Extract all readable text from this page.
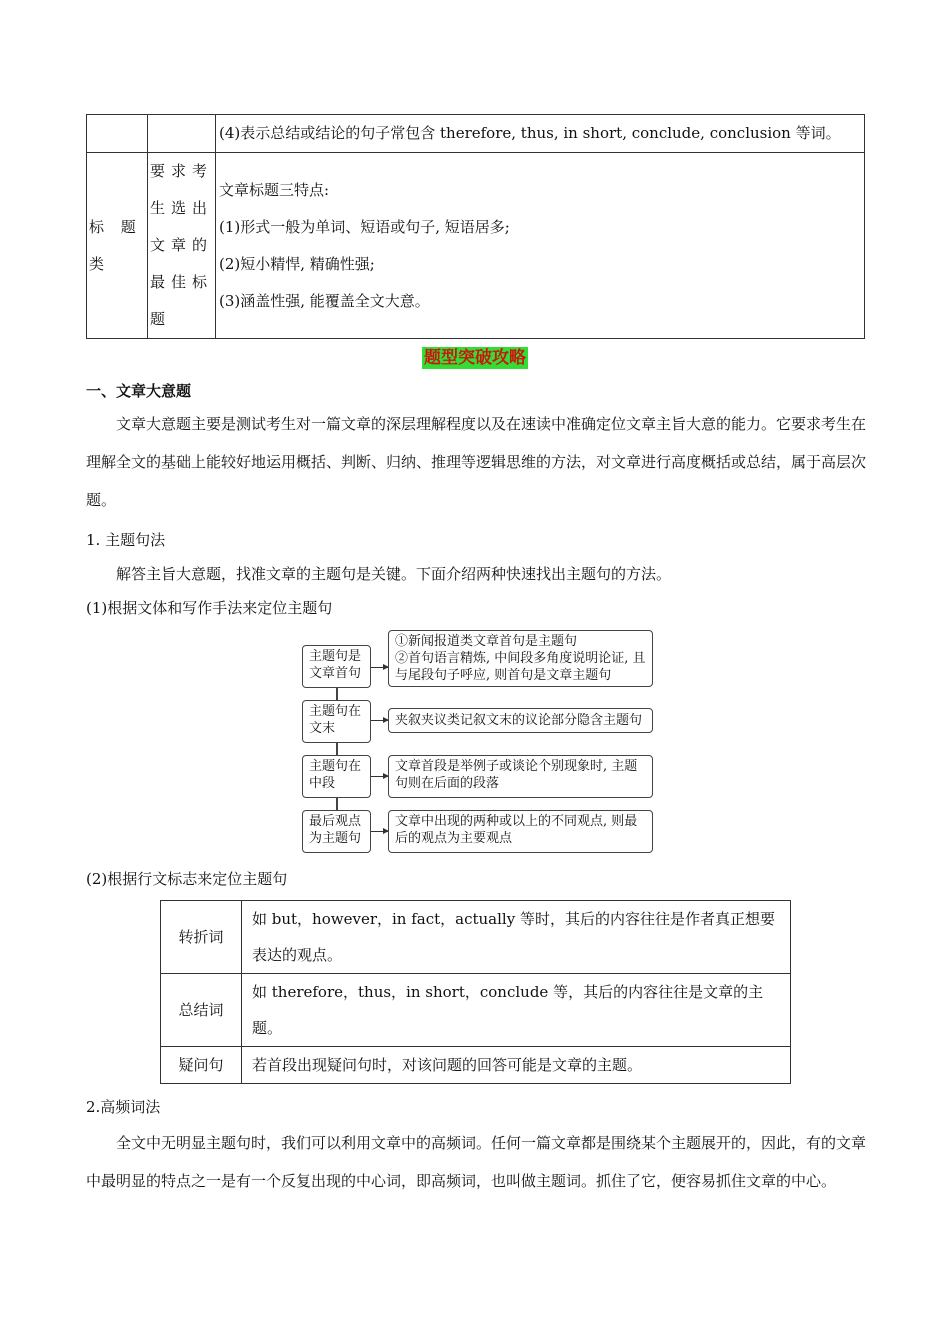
		(4)表示总结或结论的句子常包含 therefore, thus, in short, conclude, conclusion 等词。
标 题 类	要求考生选出文章的最佳标题	文章标题三特点:
(1)形式一般为单词、短语或句子, 短语居多;
(2)短小精悍, 精确性强;
(3)涵盖性强, 能覆盖全文大意。
题型突破攻略
一、文章大意题
文章大意题主要是测试考生对一篇文章的深层理解程度以及在速读中准确定位文章主旨大意的能力。它要求考生在理解全文的基础上能较好地运用概括、判断、归纳、推理等逻辑思维的方法，对文章进行高度概括或总结，属于高层次题。
1. 主题句法
解答主旨大意题，找准文章的主题句是关键。下面介绍两种快速找出主题句的方法。
(1)根据文体和写作手法来定位主题句
主题句是文章首句
①新闻报道类文章首句是主题句
②首句语言精炼, 中间段多角度说明论证, 且与尾段句子呼应, 则首句是文章主题句
主题句在文末
夹叙夹议类记叙文末的议论部分隐含主题句
主题句在中段
文章首段是举例子或谈论个别现象时, 主题句则在后面的段落
最后观点为主题句
文章中出现的两种或以上的不同观点, 则最后的观点为主要观点
(2)根据行文标志来定位主题句
转折词	如 but，however，in fact，actually 等时，其后的内容往往是作者真正想要表达的观点。
总结词	如 therefore，thus，in short，conclude 等，其后的内容往往是文章的主题。
疑问句	若首段出现疑问句时，对该问题的回答可能是文章的主题。
2.高频词法
全文中无明显主题句时，我们可以利用文章中的高频词。任何一篇文章都是围绕某个主题展开的，因此，有的文章中最明显的特点之一是有一个反复出现的中心词，即高频词，也叫做主题词。抓住了它，便容易抓住文章的中心。
